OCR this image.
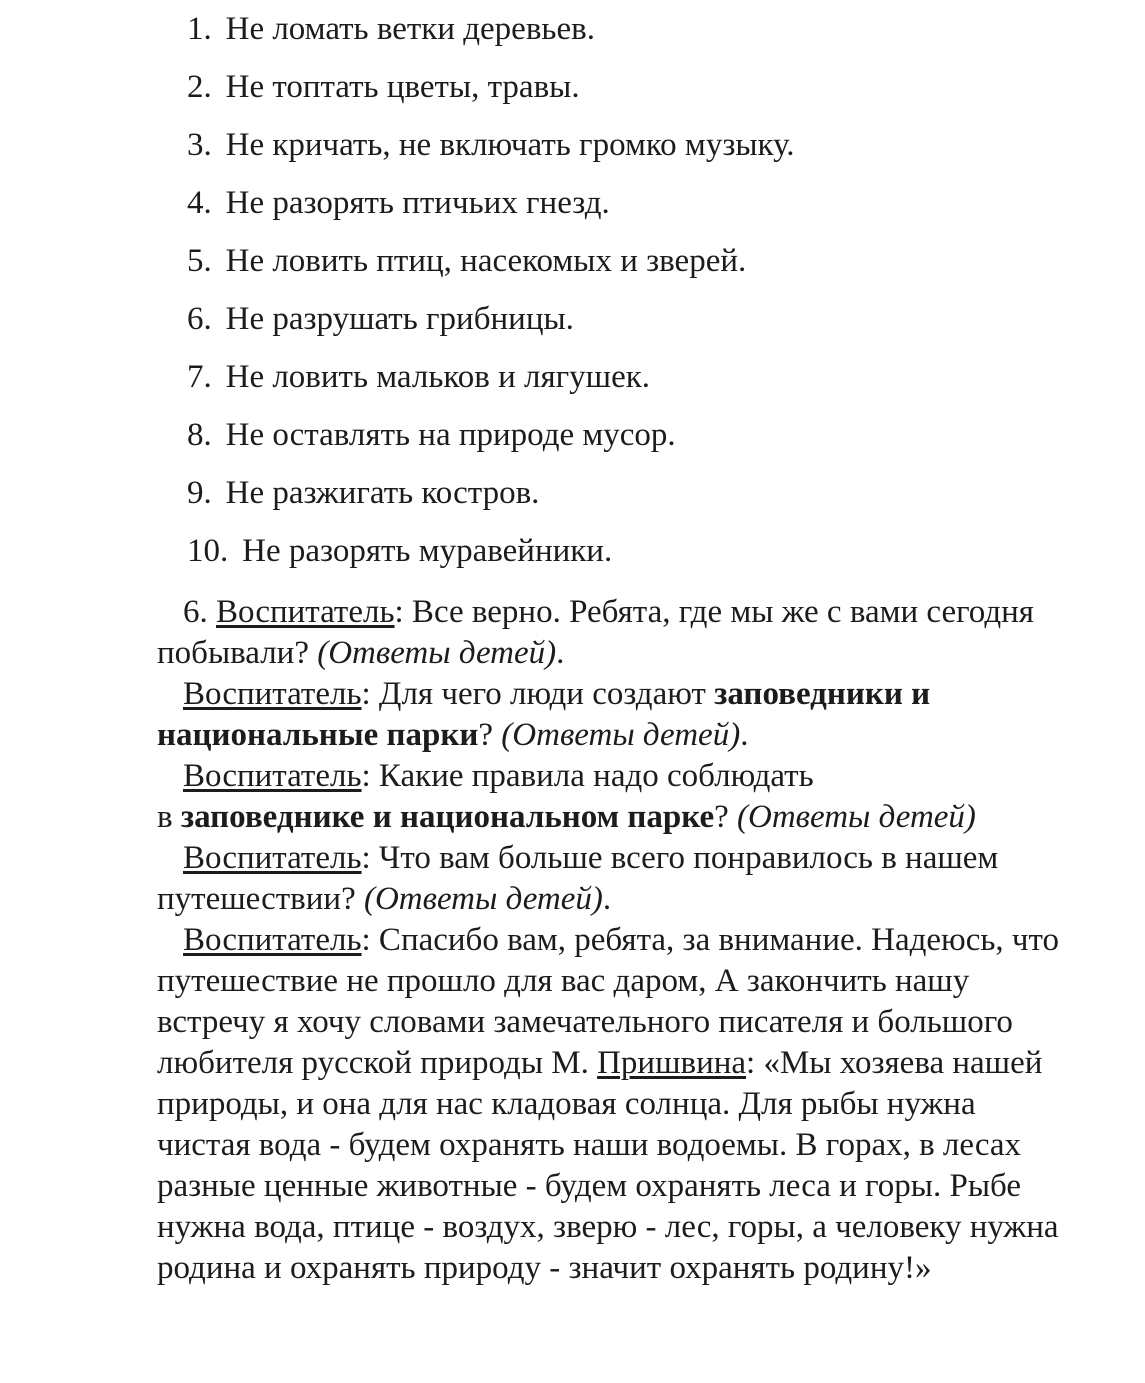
1. Не ломать ветки деревьев.
2. Не топтать цветы, травы.
3. Не кричать, не включать громко музыку.
4. Не разорять птичьих гнезд.
5. Не ловить птиц, насекомых и зверей.
6. Не разрушать грибницы.
7. Не ловить мальков и лягушек.
8. Не оставлять на природе мусор.
9. Не разжигать костров.
10. Не разорять муравейники.

6. Воспитатель: Все верно. Ребята, где мы же с вами сегодня побывали? (Ответы детей).

Воспитатель: Для чего люди создают заповедники и национальные парки? (Ответы детей).

Воспитатель: Какие правила надо соблюдать
в заповеднике и национальном парке? (Ответы детей)

Воспитатель: Что вам больше всего понравилось в нашем путешествии? (Ответы детей).

Воспитатель: Спасибо вам, ребята, за внимание. Надеюсь, что путешествие не прошло для вас даром, А закончить нашу встречу я хочу словами замечательного писателя и большого любителя русской природы М. Пришвина: «Мы хозяева нашей природы, и она для нас кладовая солнца. Для рыбы нужна чистая вода - будем охранять наши водоемы. В горах, в лесах разные ценные животные - будем охранять леса и горы. Рыбе нужна вода, птице - воздух, зверю - лес, горы, а человеку нужна родина и охранять природу - значит охранять родину!»
